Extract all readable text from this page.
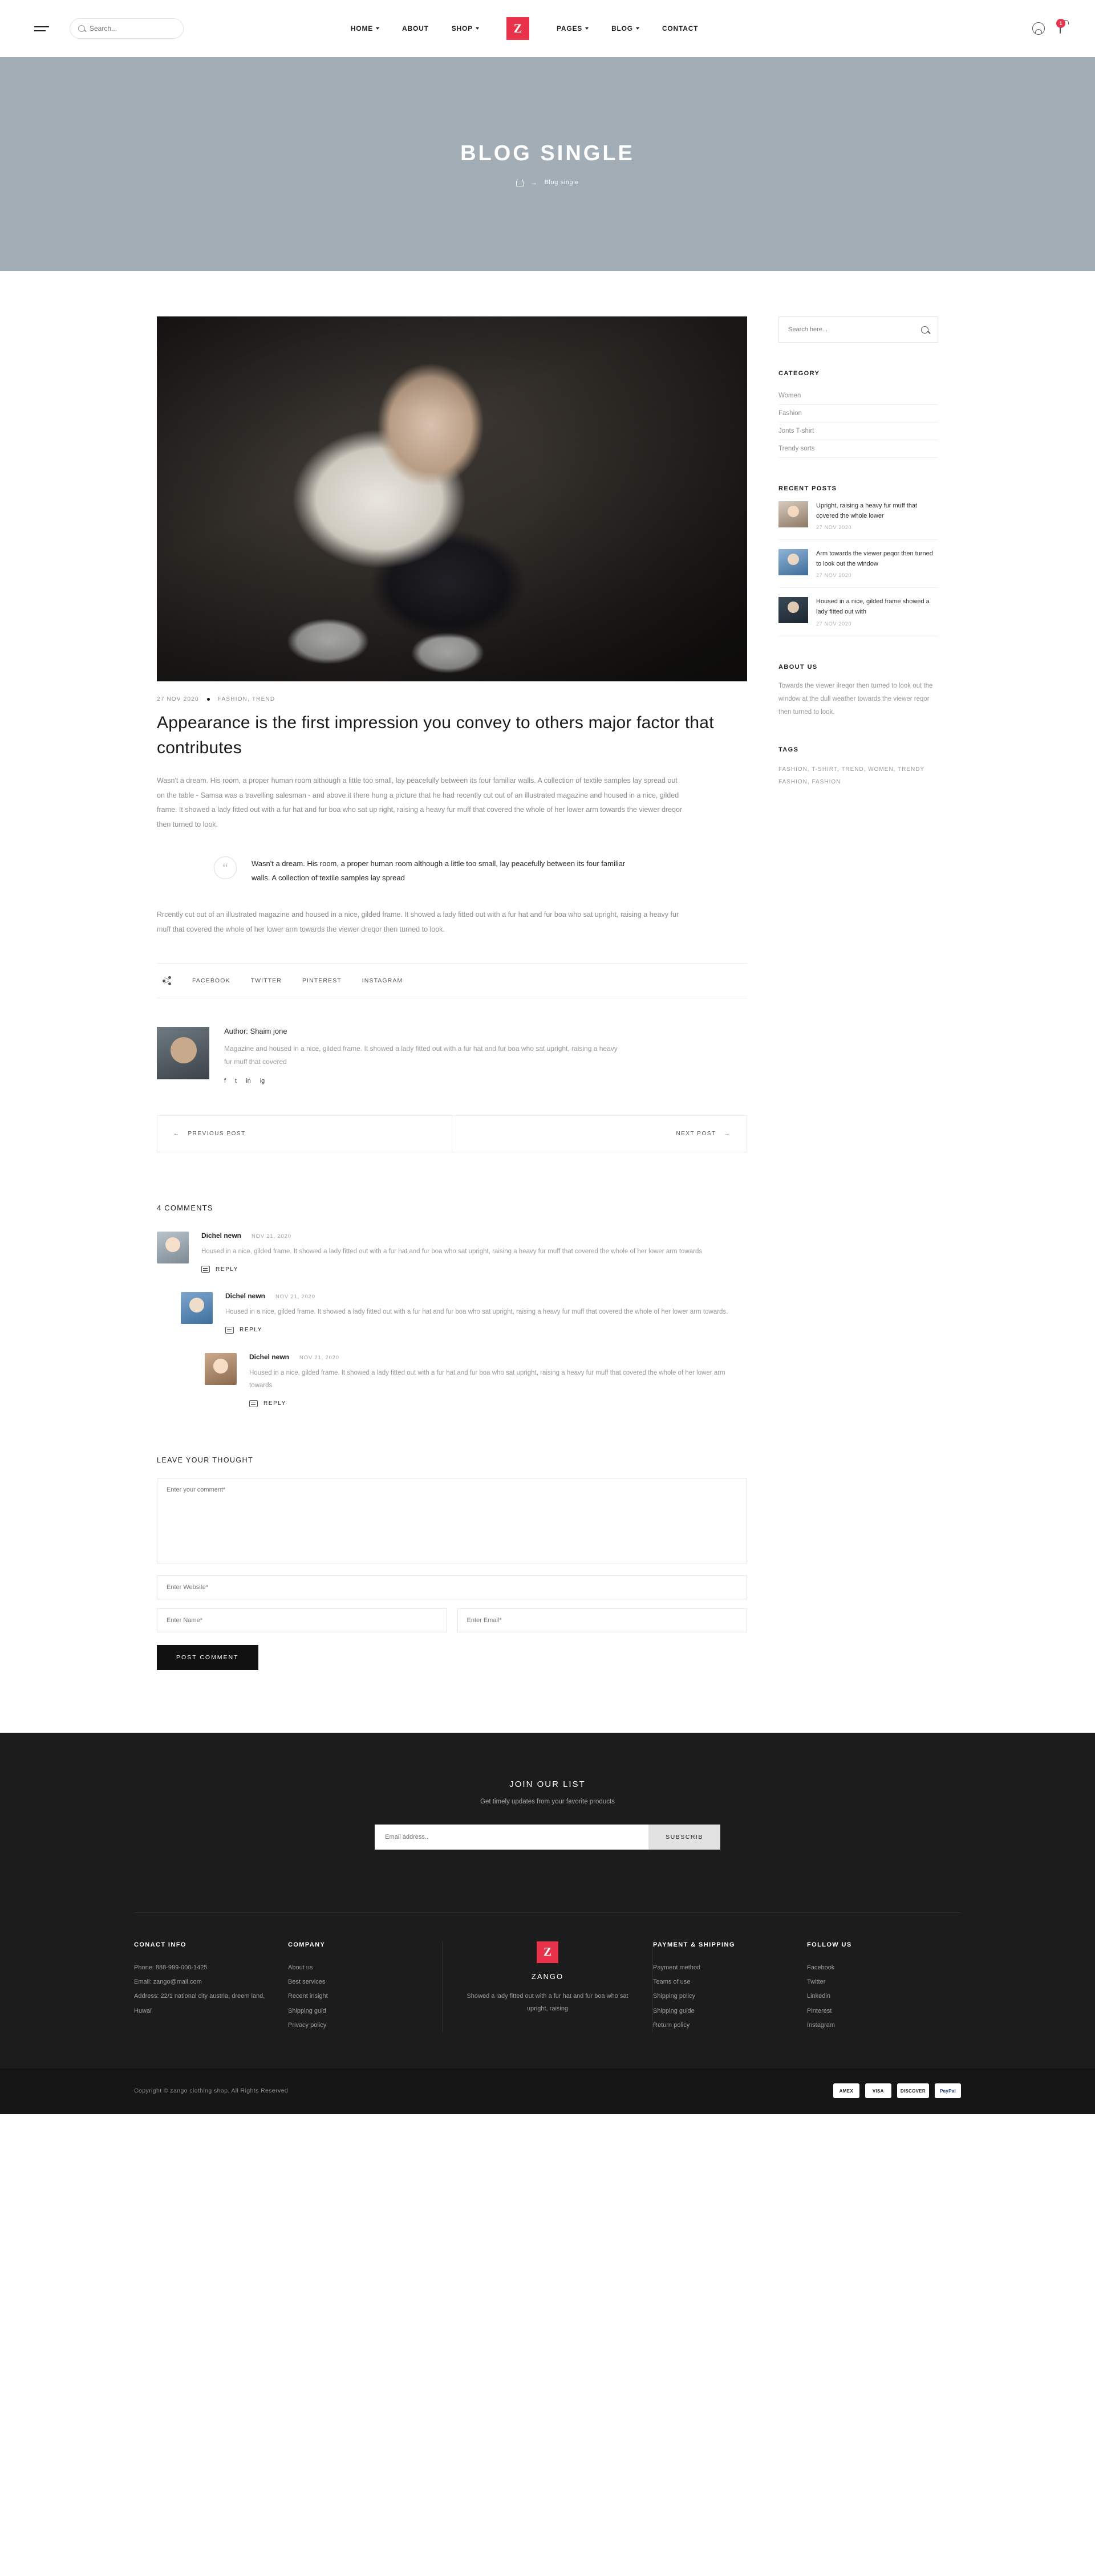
Search...
HOME	ABOUT	SHOP	Z	PAGES	BLOG	CONTACT
1
BLOG SINGLE
→ Blog single
27 NOV 2020	FASHION, TREND
Appearance is the first impression you convey to others major factor that contributes

Wasn't a dream. His room, a proper human room although a little too small, lay peacefully between its four familiar walls. A collection of textile samples lay spread out on the table - Samsa was a travelling salesman - and above it there hung a picture that he had recently cut out of an illustrated magazine and housed in a nice, gilded frame. It showed a lady fitted out with a fur hat and fur boa who sat up right, raising a heavy fur muff that covered the whole of her lower arm towards the viewer dreqor then turned to look.

“	Wasn't a dream. His room, a proper human room although a little too small, lay peacefully between its four familiar walls. A collection of textile samples lay spread

Rrcently cut out of an illustrated magazine and housed in a nice, gilded frame. It showed a lady fitted out with a fur hat and fur boa who sat upright, raising a heavy fur muff that covered the whole of her lower arm towards the viewer dreqor then turned to look.

FACEBOOK	TWITTER	PINTEREST	INSTAGRAM
Author: Shaim jone
Magazine and housed in a nice, gilded frame. It showed a lady fitted out with a fur hat and fur boa who sat upright, raising a heavy fur muff that covered
f t in ig
← PREVIOUS POST	NEXT POST →
4 COMMENTS
Dichel newn NOV 21, 2020
Housed in a nice, gilded frame. It showed a lady fitted out with a fur hat and fur boa who sat upright, raising a heavy fur muff that covered the whole of her lower arm towards
REPLY
Dichel newn NOV 21, 2020
Housed in a nice, gilded frame. It showed a lady fitted out with a fur hat and fur boa who sat upright, raising a heavy fur muff that covered the whole of her lower arm towards.
REPLY
Dichel newn NOV 21, 2020
Housed in a nice, gilded frame. It showed a lady fitted out with a fur hat and fur boa who sat upright, raising a heavy fur muff that covered the whole of her lower arm towards
REPLY
LEAVE YOUR THOUGHT
Enter your comment*
Enter Website*
Enter Name*
Enter Email*
POST COMMENT
Search here...
CATEGORY
Women
Fashion
Jonts T-shirt
Trendy sorts
RECENT POSTS
Upright, raising a heavy fur muff that covered the whole lower
27 NOV 2020
Arm towards the viewer peqor then turned to look out the window
27 NOV 2020
Housed in a nice, gilded frame showed a lady fitted out with
27 NOV 2020
ABOUT US
Towards the viewer ilreqor then turned to look out the window at the dull weather towards the viewer reqor then turned to look.
TAGS
FASHION, T-SHIRT, TREND, WOMEN, TRENDY FASHION, FASHION
JOIN OUR LIST
Get timely updates from your favorite products
Email address..
SUBSCRIB
CONACT INFO
Phone: 888-999-000-1425
Email: zango@mail.com
Address: 22/1 national city austria, dreem land, Huwai
COMPANY
About us
Best services
Recent insight
Shipping guid
Privacy policy
Z
ZANGO
Showed a lady fitted out with a fur hat and fur boa who sat upright, raising
PAYMENT & SHIPPING
Payment method
Teams of use
Shipping policy
Shipping guide
Return policy
FOLLOW US
Facebook
Twitter
Linkedin
Pinterest
Instagram
Copyright © zango clothing shop. All Rights Reserved	AMEX	VISA	DISCOVER	PayPal
